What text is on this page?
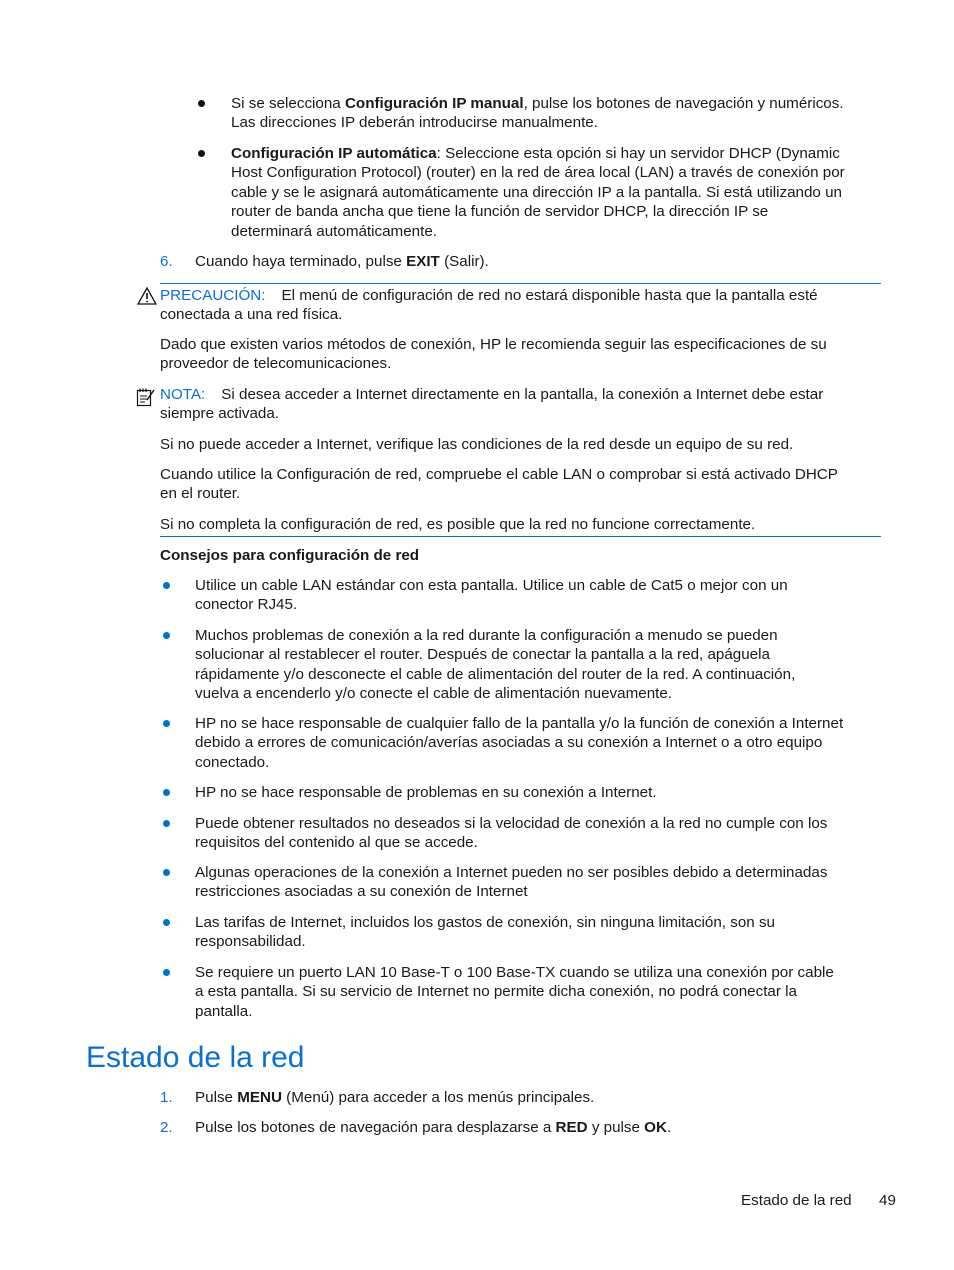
Si se selecciona Configuración IP manual, pulse los botones de navegación y numéricos.
Las direcciones IP deberán introducirse manualmente.
Configuración IP automática: Seleccione esta opción si hay un servidor DHCP (Dynamic
Host Configuration Protocol) (router) en la red de área local (LAN) a través de conexión por
cable y se le asignará automáticamente una dirección IP a la pantalla. Si está utilizando un
router de banda ancha que tiene la función de servidor DHCP, la dirección IP se
determinará automáticamente.
6. Cuando haya terminado, pulse EXIT (Salir).
PRECAUCIÓN: El menú de configuración de red no estará disponible hasta que la pantalla esté
conectada a una red física.
Dado que existen varios métodos de conexión, HP le recomienda seguir las especificaciones de su
proveedor de telecomunicaciones.
NOTA: Si desea acceder a Internet directamente en la pantalla, la conexión a Internet debe estar
siempre activada.
Si no puede acceder a Internet, verifique las condiciones de la red desde un equipo de su red.
Cuando utilice la Configuración de red, compruebe el cable LAN o comprobar si está activado DHCP
en el router.
Si no completa la configuración de red, es posible que la red no funcione correctamente.
Consejos para configuración de red
Utilice un cable LAN estándar con esta pantalla. Utilice un cable de Cat5 o mejor con un
conector RJ45.
Muchos problemas de conexión a la red durante la configuración a menudo se pueden
solucionar al restablecer el router. Después de conectar la pantalla a la red, apáguela
rápidamente y/o desconecte el cable de alimentación del router de la red. A continuación,
vuelva a encenderlo y/o conecte el cable de alimentación nuevamente.
HP no se hace responsable de cualquier fallo de la pantalla y/o la función de conexión a Internet
debido a errores de comunicación/averías asociadas a su conexión a Internet o a otro equipo
conectado.
HP no se hace responsable de problemas en su conexión a Internet.
Puede obtener resultados no deseados si la velocidad de conexión a la red no cumple con los
requisitos del contenido al que se accede.
Algunas operaciones de la conexión a Internet pueden no ser posibles debido a determinadas
restricciones asociadas a su conexión de Internet
Las tarifas de Internet, incluidos los gastos de conexión, sin ninguna limitación, son su
responsabilidad.
Se requiere un puerto LAN 10 Base-T o 100 Base-TX cuando se utiliza una conexión por cable
a esta pantalla. Si su servicio de Internet no permite dicha conexión, no podrá conectar la
pantalla.
Estado de la red
1. Pulse MENU (Menú) para acceder a los menús principales.
2. Pulse los botones de navegación para desplazarse a RED y pulse OK.
Estado de la red 49
